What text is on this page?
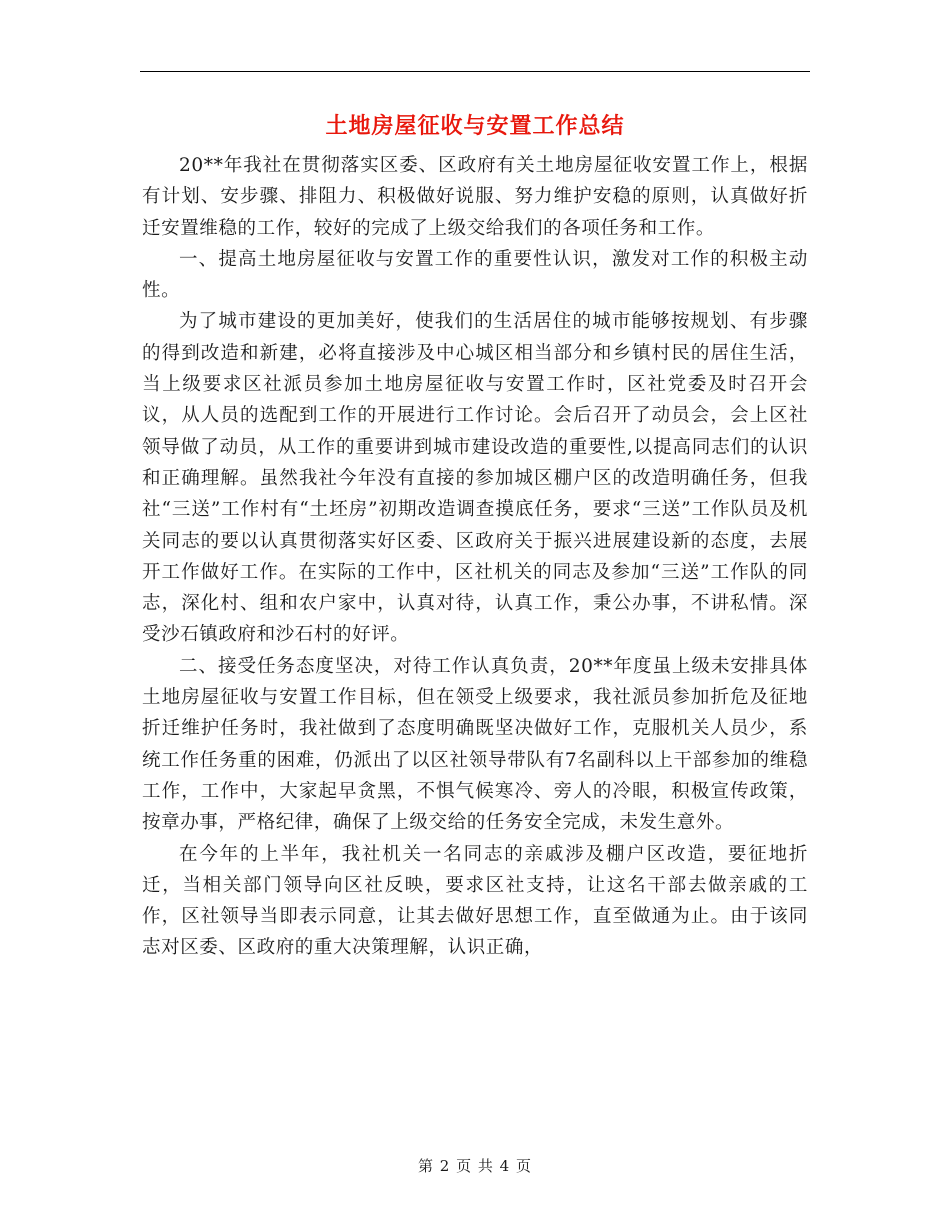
土地房屋征收与安置工作总结

20**年我社在贯彻落实区委、区政府有关土地房屋征收安置工作上，根据有计划、安步骤、排阻力、积极做好说服、努力维护安稳的原则，认真做好折迁安置维稳的工作，较好的完成了上级交给我们的各项任务和工作。

一、提高土地房屋征收与安置工作的重要性认识，激发对工作的积极主动性。

为了城市建设的更加美好，使我们的生活居住的城市能够按规划、有步骤的得到改造和新建，必将直接涉及中心城区相当部分和乡镇村民的居住生活，当上级要求区社派员参加土地房屋征收与安置工作时，区社党委及时召开会议，从人员的选配到工作的开展进行工作讨论。会后召开了动员会，会上区社领导做了动员，从工作的重要讲到城市建设改造的重要性,以提高同志们的认识和正确理解。虽然我社今年没有直接的参加城区棚户区的改造明确任务，但我社“三送”工作村有“土坯房”初期改造调查摸底任务，要求“三送”工作队员及机关同志的要以认真贯彻落实好区委、区政府关于振兴进展建设新的态度，去展开工作做好工作。在实际的工作中，区社机关的同志及参加“三送”工作队的同志，深化村、组和农户家中，认真对待，认真工作，秉公办事，不讲私情。深受沙石镇政府和沙石村的好评。

二、接受任务态度坚决，对待工作认真负责，20**年度虽上级未安排具体土地房屋征收与安置工作目标，但在领受上级要求，我社派员参加折危及征地折迁维护任务时，我社做到了态度明确既坚决做好工作，克服机关人员少，系统工作任务重的困难，仍派出了以区社领导带队有7名副科以上干部参加的维稳工作，工作中，大家起早贪黑，不惧气候寒冷、旁人的冷眼，积极宣传政策，按章办事，严格纪律，确保了上级交给的任务安全完成，未发生意外。

在今年的上半年，我社机关一名同志的亲戚涉及棚户区改造，要征地折迁，当相关部门领导向区社反映，要求区社支持，让这名干部去做亲戚的工作，区社领导当即表示同意，让其去做好思想工作，直至做通为止。由于该同志对区委、区政府的重大决策理解，认识正确，

第 2 页 共 4 页
